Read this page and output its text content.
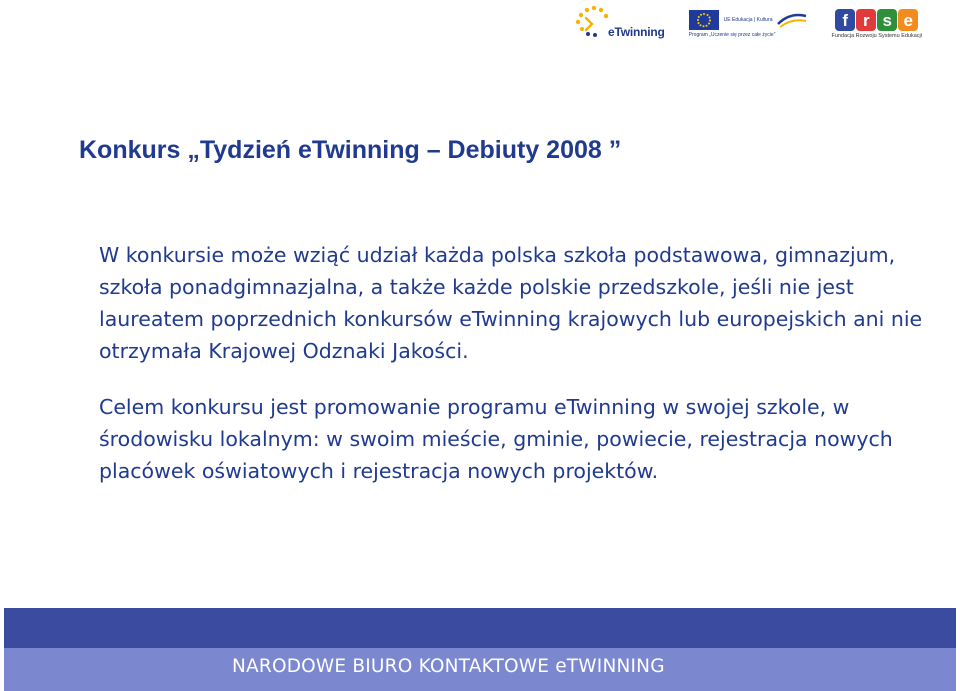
eTwinning
UE Edukacja | Kultura
Program „Uczenie się przez całe życie”
f r s e
Fundacja Rozwoju Systemu Edukacji
Konkurs „Tydzień eTwinning – Debiuty 2008 ”

W konkursie może wziąć udział każda polska szkoła podstawowa, gimnazjum, szkoła ponadgimnazjalna, a także każde polskie przedszkole, jeśli nie jest laureatem poprzednich konkursów eTwinning krajowych lub europejskich ani nie otrzymała Krajowej Odznaki Jakości.

Celem konkursu jest promowanie programu eTwinning w swojej szkole, w środowisku lokalnym: w swoim mieście, gminie, powiecie, rejestracja nowych placówek oświatowych i rejestracja nowych projektów.

NARODOWE BIURO KONTAKTOWE eTWINNING
